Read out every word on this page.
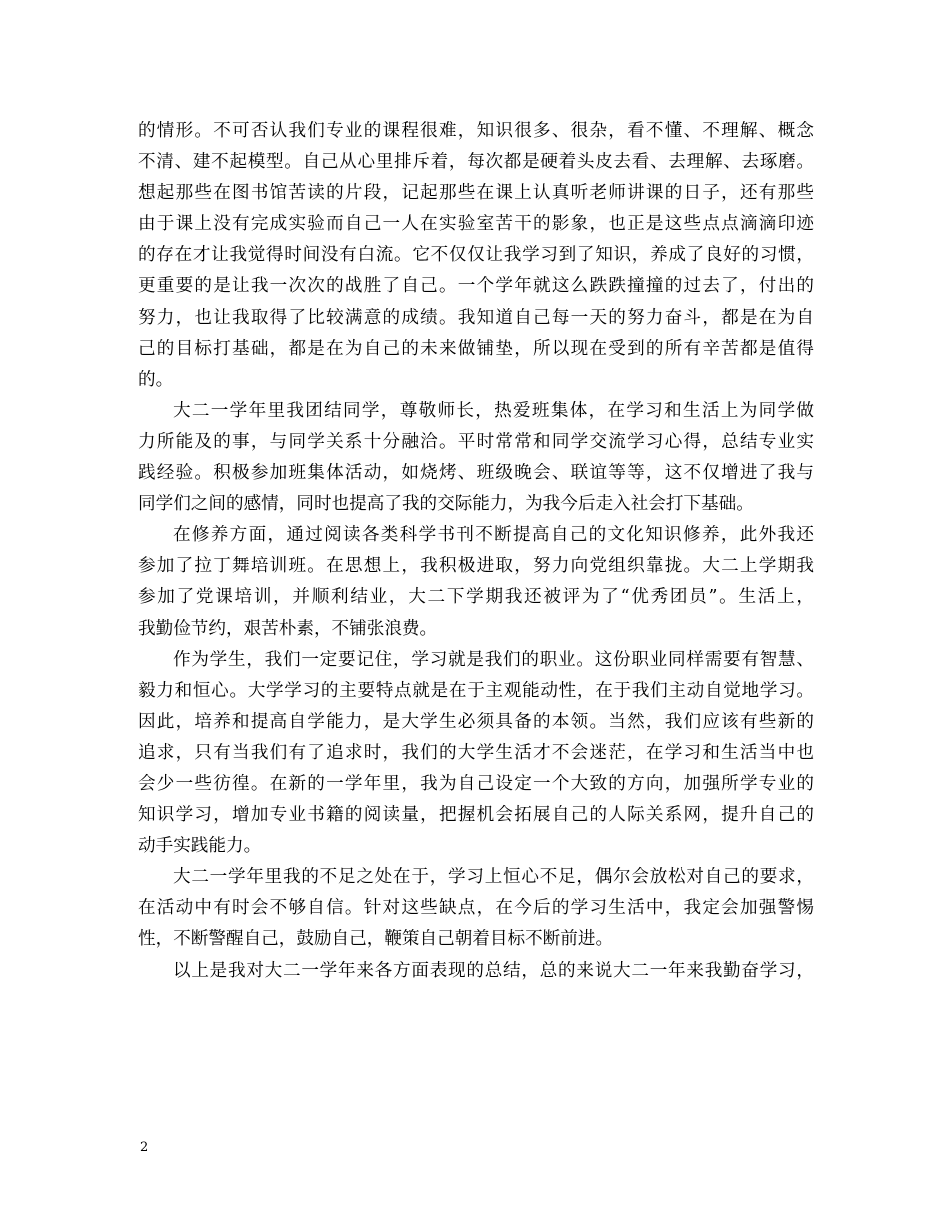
的情形。不可否认我们专业的课程很难，知识很多、很杂，看不懂、不理解、概念
不清、建不起模型。自己从心里排斥着，每次都是硬着头皮去看、去理解、去琢磨。
想起那些在图书馆苦读的片段，记起那些在课上认真听老师讲课的日子，还有那些
由于课上没有完成实验而自己一人在实验室苦干的影象，也正是这些点点滴滴印迹
的存在才让我觉得时间没有白流。它不仅仅让我学习到了知识，养成了良好的习惯，
更重要的是让我一次次的战胜了自己。一个学年就这么跌跌撞撞的过去了，付出的
努力，也让我取得了比较满意的成绩。我知道自己每一天的努力奋斗，都是在为自
己的目标打基础，都是在为自己的未来做铺垫，所以现在受到的所有辛苦都是值得
的。
大二一学年里我团结同学，尊敬师长，热爱班集体，在学习和生活上为同学做
力所能及的事，与同学关系十分融洽。平时常常和同学交流学习心得，总结专业实
践经验。积极参加班集体活动，如烧烤、班级晚会、联谊等等，这不仅增进了我与
同学们之间的感情，同时也提高了我的交际能力，为我今后走入社会打下基础。
在修养方面，通过阅读各类科学书刊不断提高自己的文化知识修养，此外我还
参加了拉丁舞培训班。在思想上，我积极进取，努力向党组织靠拢。大二上学期我
参加了党课培训，并顺利结业，大二下学期我还被评为了“优秀团员”。生活上，
我勤俭节约，艰苦朴素，不铺张浪费。
作为学生，我们一定要记住，学习就是我们的职业。这份职业同样需要有智慧、
毅力和恒心。大学学习的主要特点就是在于主观能动性，在于我们主动自觉地学习。
因此，培养和提高自学能力，是大学生必须具备的本领。当然，我们应该有些新的
追求，只有当我们有了追求时，我们的大学生活才不会迷茫，在学习和生活当中也
会少一些彷徨。在新的一学年里，我为自己设定一个大致的方向，加强所学专业的
知识学习，增加专业书籍的阅读量，把握机会拓展自己的人际关系网，提升自己的
动手实践能力。
大二一学年里我的不足之处在于，学习上恒心不足，偶尔会放松对自己的要求，
在活动中有时会不够自信。针对这些缺点，在今后的学习生活中，我定会加强警惕
性，不断警醒自己，鼓励自己，鞭策自己朝着目标不断前进。
以上是我对大二一学年来各方面表现的总结，总的来说大二一年来我勤奋学习，
2
